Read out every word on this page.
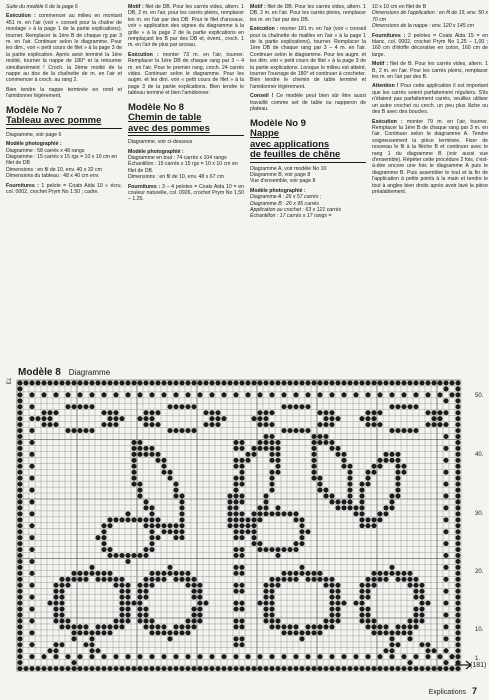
Suite du modèle 6 de la page 6

Exécution : commencer au milieu en montant 451 m. en l'air (voir « conseil pour la chaîne de montage » à la page 1 de la partie explications), tourner. Remplacer la 1ère B de chaque rg par 3 m. en l'air. Continuer selon le diagramme. Pour les dim., voir « petit cours de filet » à la page 3 de la partie explication. Après avoir terminé la 1ère moitié, tourner la nappe de 180° et la retourner simultanément ! Croch. la 2ème moitié de la nappe au dos de la chaînette de m. en l'air et commencer à croch. au rang 2.

Bien tendre la nappe terminée en rond et l'amidonner légèrement.

Modèle No 7
Tableau avec pomme

Diagramme, voir page 6

Modèle photographié :
Diagramme : 58 carrés x 48 rangs
Diagramme : 15 carrés x 15 rgs = 10 x 10 cm en filet de DB
Dimensions : en fil de 10, env. 40 x 32 cm
Dimensions du tableau : 48 x 40 cm env.

Fournitures : 1 pelote = Coats Aida 10 « écru, col. 0002, crochet Prym No 1.50 ; cadre.

Motif : filet de DB. Pour les carrés vides, altern. 1 DB, 2 m. en l'air, pour les carrés pleins, remplacer les m. en l'air par des DB. Pour le filet d'arceaux, voir « application des signes du diagramme à la grille » à la page 2 de la partie explications en remplaçant les B par des DB et, évent., croch. 1 m. en l'air de plus par arceau.

Exécution : monter 73 m. en l'air, tourner. Remplacer la 1ère DB de chaque rang par 3 – 4 m. en l'air. Pour le premier rang, croch. 24 carrés vides. Continuer selon le diagramme. Pour les augm. et les dim. voir « petit cours de filet » à la page 3 de la partie explications. Bien tendre le tableau terminé et bien l'amidonner.

Modèle No 8
Chemin de table
avec des pommes

Diagramme, voir ci-dessous

Modèle photographié :
Diagramme en tout : 74 carrés x 104 rangs
Échantillon : 15 carrés x 15 rgs = 10 x 10 cm en filet de DB.
Dimensions : en fil de 10, env. 48 x 67 cm

Fournitures : 3 – 4 pelotes = Coats Aida 10 = en couleur naturelle, col. 0926, crochet Prym No 1,50 – 1,25.

Motif : filet de DB. Pour les carrés vides, altern. 1 DB, 2 m. en l'air. Pour les carrés pleins, remplacer les m. en l'air par des DB.

Exécution : monter 181 m. en l'air (voir « conseil pour la chaînette de mailles en l'air » à la page 1 de la partie explications), tourner. Remplacer la 1ère DB de chaque rang par 3 – 4 m. en l'air. Continuer selon le diagramme. Pour les augm. et les dim. voir « petit cours de filet » à la page 3 de la partie explications. Lorsque le milieu est atteint, tourner l'ouvrage de 180° et continuer à crocheter. Bien tendre le chemin de table terminé et l'amidonner légèrement.

Conseil ! Ce modèle peut bien sûr être aussi travaillé comme set de table ou napperon de plateau.

Modèle No 9
Nappe
avec applications
de feuilles de chêne
Diagramme A, voir modèle No 10
Diagramme B, voir page 8
Vue d'ensemble, voir page 8
Modèle photographié :
Diagramme A : 26 x 57 carrés ;
Diagramme B : 26 x 95 carrés
Application au crochet : 63 x 121 carrés
Échantillon : 17 carrés x 17 rangs =
10 x 10 cm en filet de B
Dimensions de l'application : en fil de 15, env. 50 x 70 cm
Dimensions de la nappe : env. 120 x 145 cm

Fournitures : 2 pelotes = Coats Aida 15 = en blanc, col. 0002, crochet Prym No 1,25 – 1,00 ; 160 cm d'étoffe décorative en coton, 160 cm de large.

Motif : filet de B. Pour les carrés vides, altern. 1 B, 2 m. en l'air. Pour les carrés pleins, remplacer les m. en l'air par des B.

Attention ! Pour cette application il est important que les carrés soient parfaitement réguliers. S'ils n'étaient pas parfaitement carrés, veuillez utiliser un autre crochet ou croch. un peu plus lâche ou des B avec des boucles.

Exécution : monter 79 m. en l'air, tourner. Remplacer la 1ère B de chaque rang par 3 m. en l'air. Continuer selon le diagramme A. Tendre soigneusement la pièce terminée. Fixer de nouveau le fil à la flèche B et continuer avec le rang 1 du diagramme B (voir aussi vue d'ensemble). Répéter cette procédure 2 fois, c'est-à-dire encore une fois le diagramme A puis le diagramme B. Puis assembler le tout et la fin de l'application à petits points à la main et tendre le tout à angles bien droits après avoir lavé la pièce préalablement.

Modèle 8 Diagramme
73
50.
40.
30.
20.
10.
1.
(181)
Explications 7
